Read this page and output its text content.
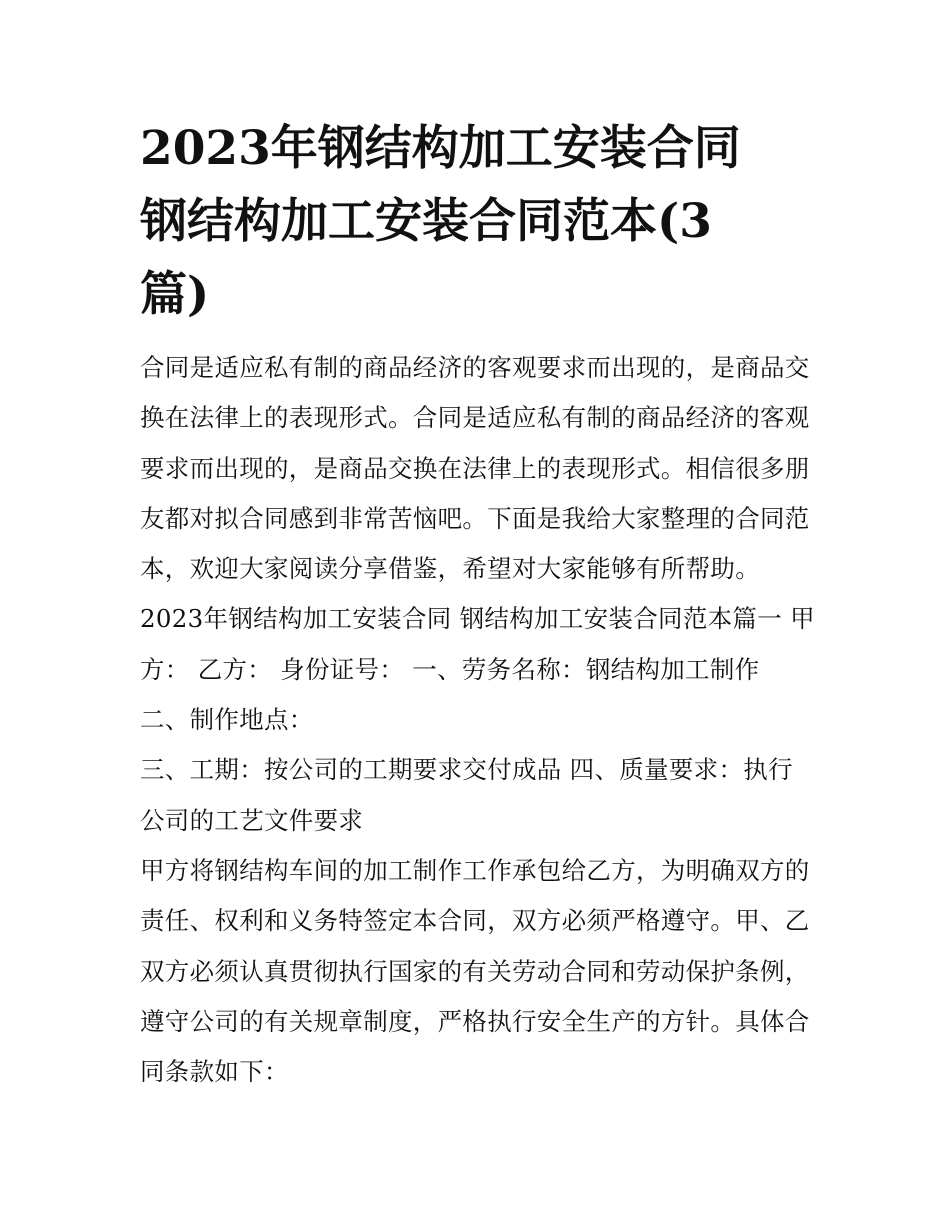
2023年钢结构加工安装合同
钢结构加工安装合同范本(3
篇)

合同是适应私有制的商品经济的客观要求而出现的，是商品交
换在法律上的表现形式。合同是适应私有制的商品经济的客观
要求而出现的，是商品交换在法律上的表现形式。相信很多朋
友都对拟合同感到非常苦恼吧。下面是我给大家整理的合同范
本，欢迎大家阅读分享借鉴，希望对大家能够有所帮助。

2023年钢结构加工安装合同 钢结构加工安装合同范本篇一 甲
方： 乙方： 身份证号： 一、劳务名称：钢结构加工制作

二、制作地点：

三、工期：按公司的工期要求交付成品 四、质量要求：执行
公司的工艺文件要求

甲方将钢结构车间的加工制作工作承包给乙方，为明确双方的
责任、权利和义务特签定本合同，双方必须严格遵守。甲、乙
双方必须认真贯彻执行国家的有关劳动合同和劳动保护条例，
遵守公司的有关规章制度，严格执行安全生产的方针。具体合
同条款如下：
